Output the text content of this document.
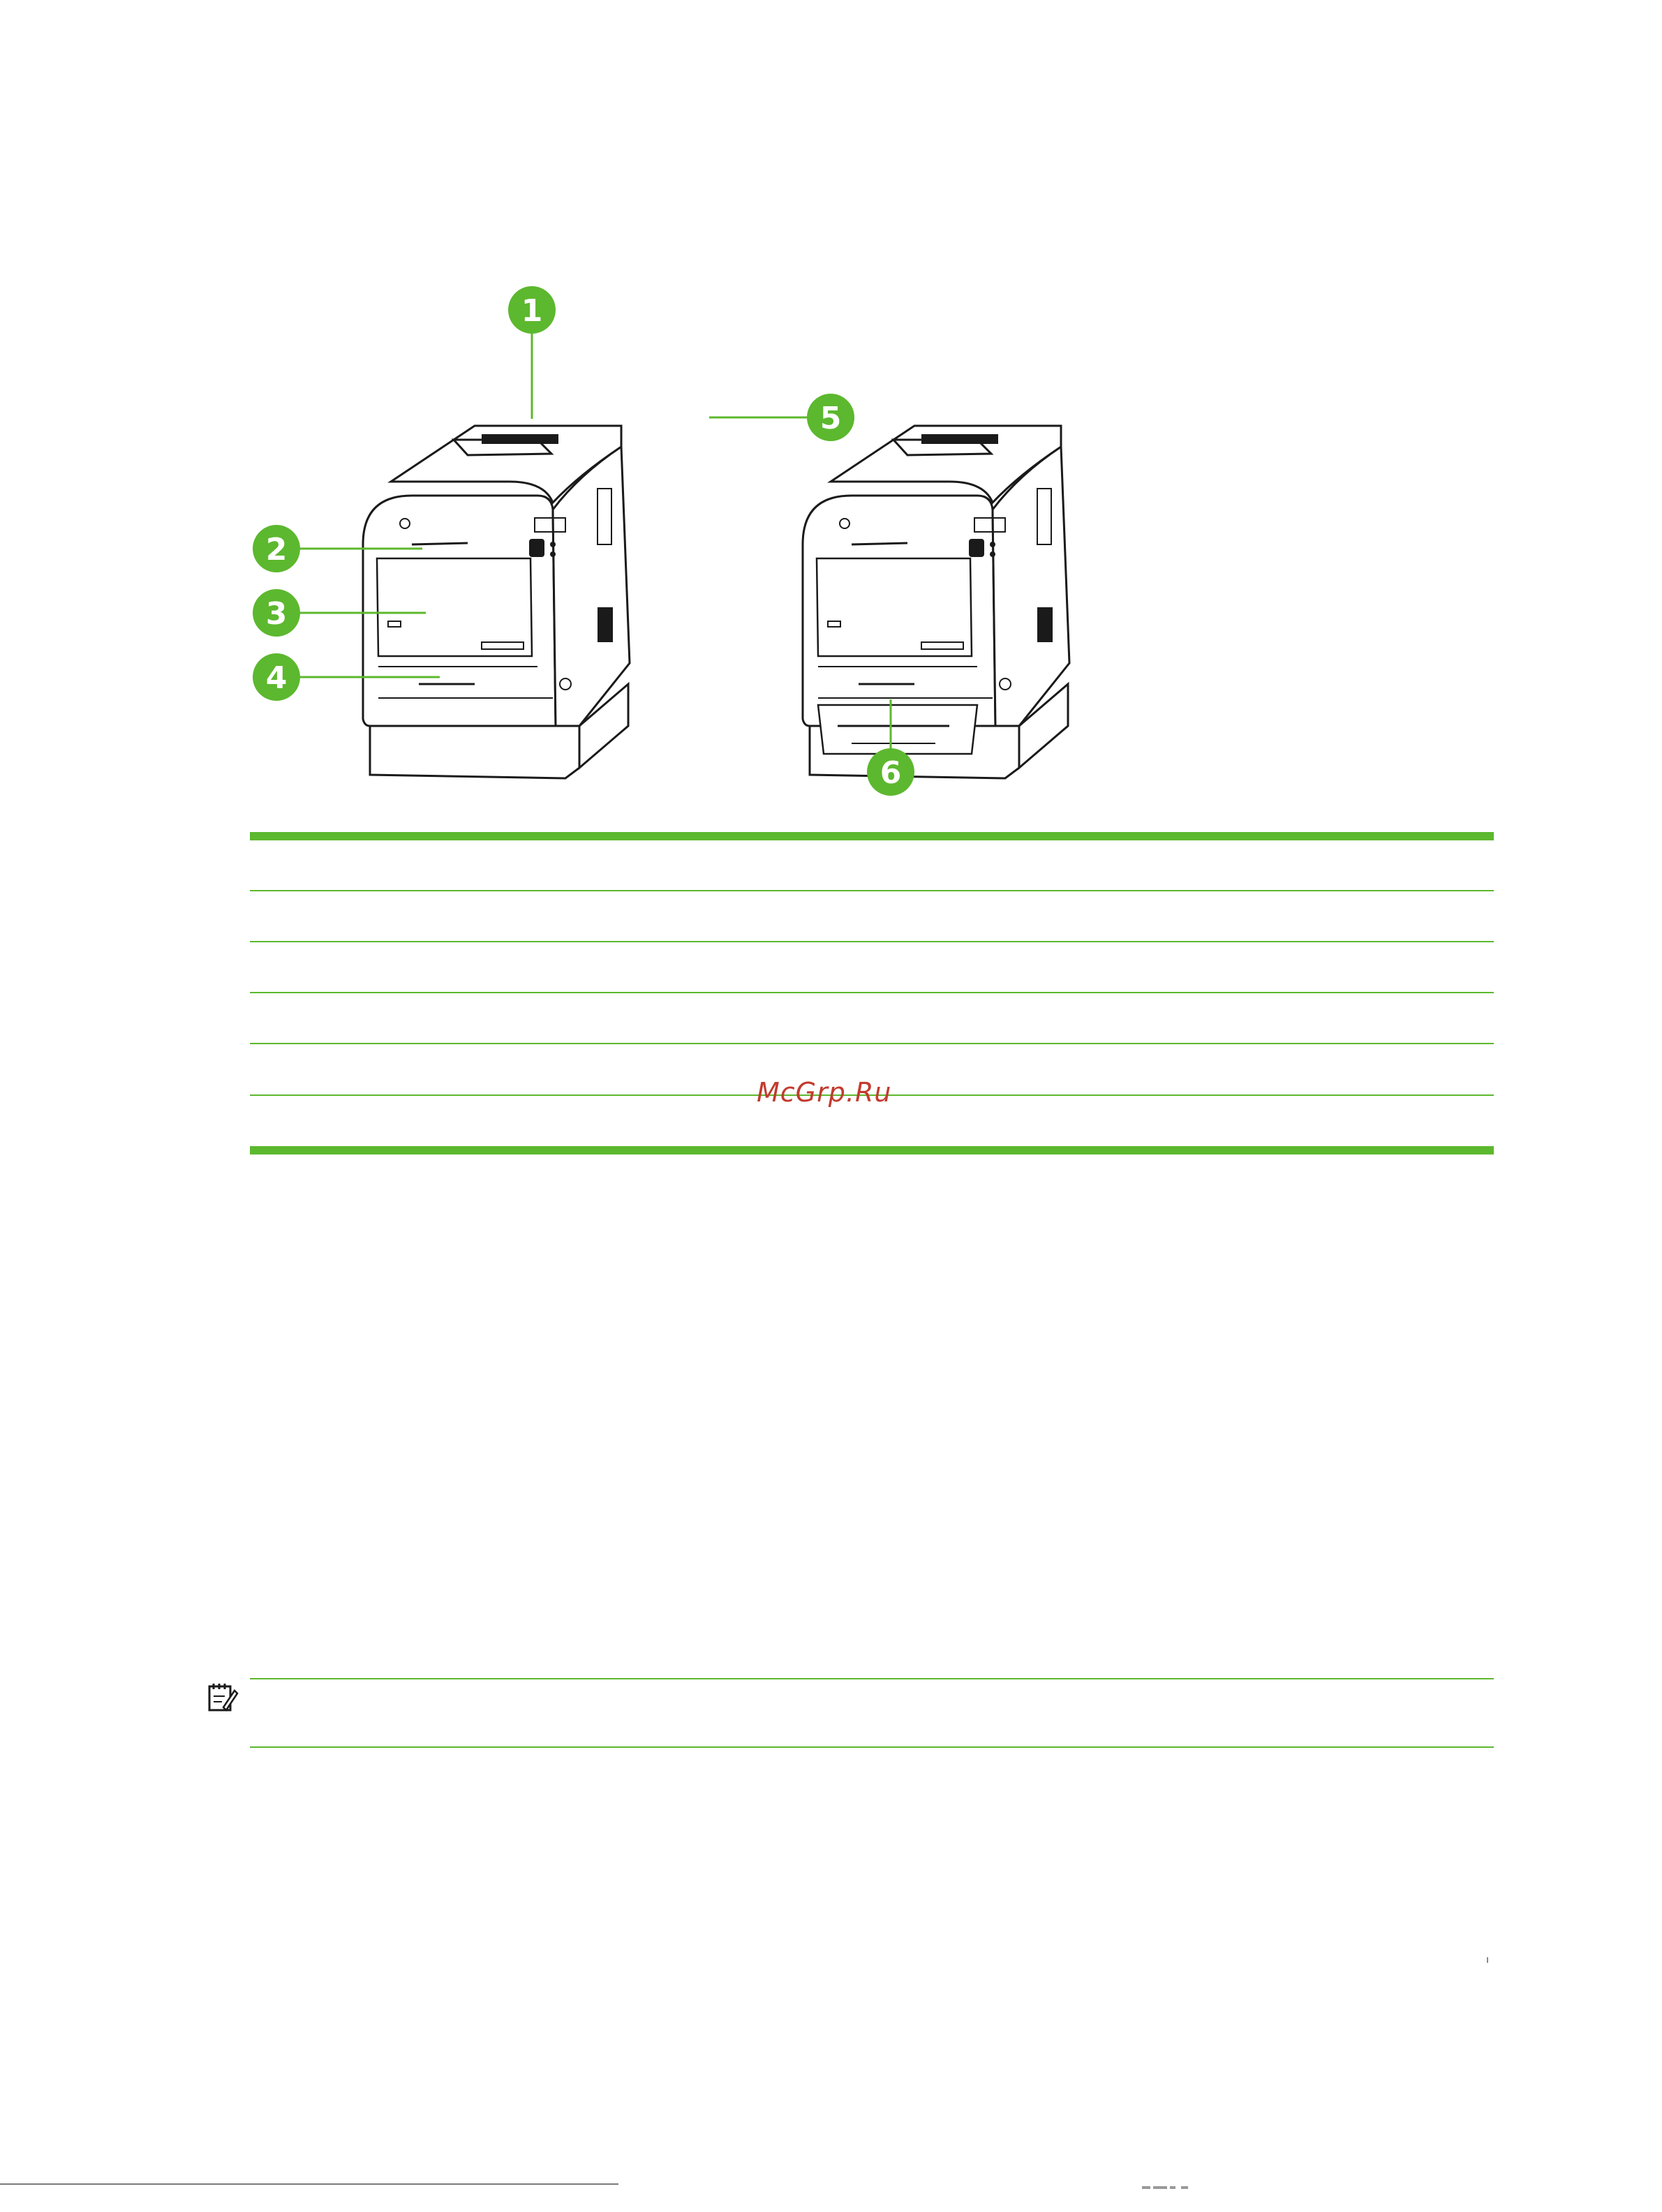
1
2
3
4
5
6
McGrp.Ru
